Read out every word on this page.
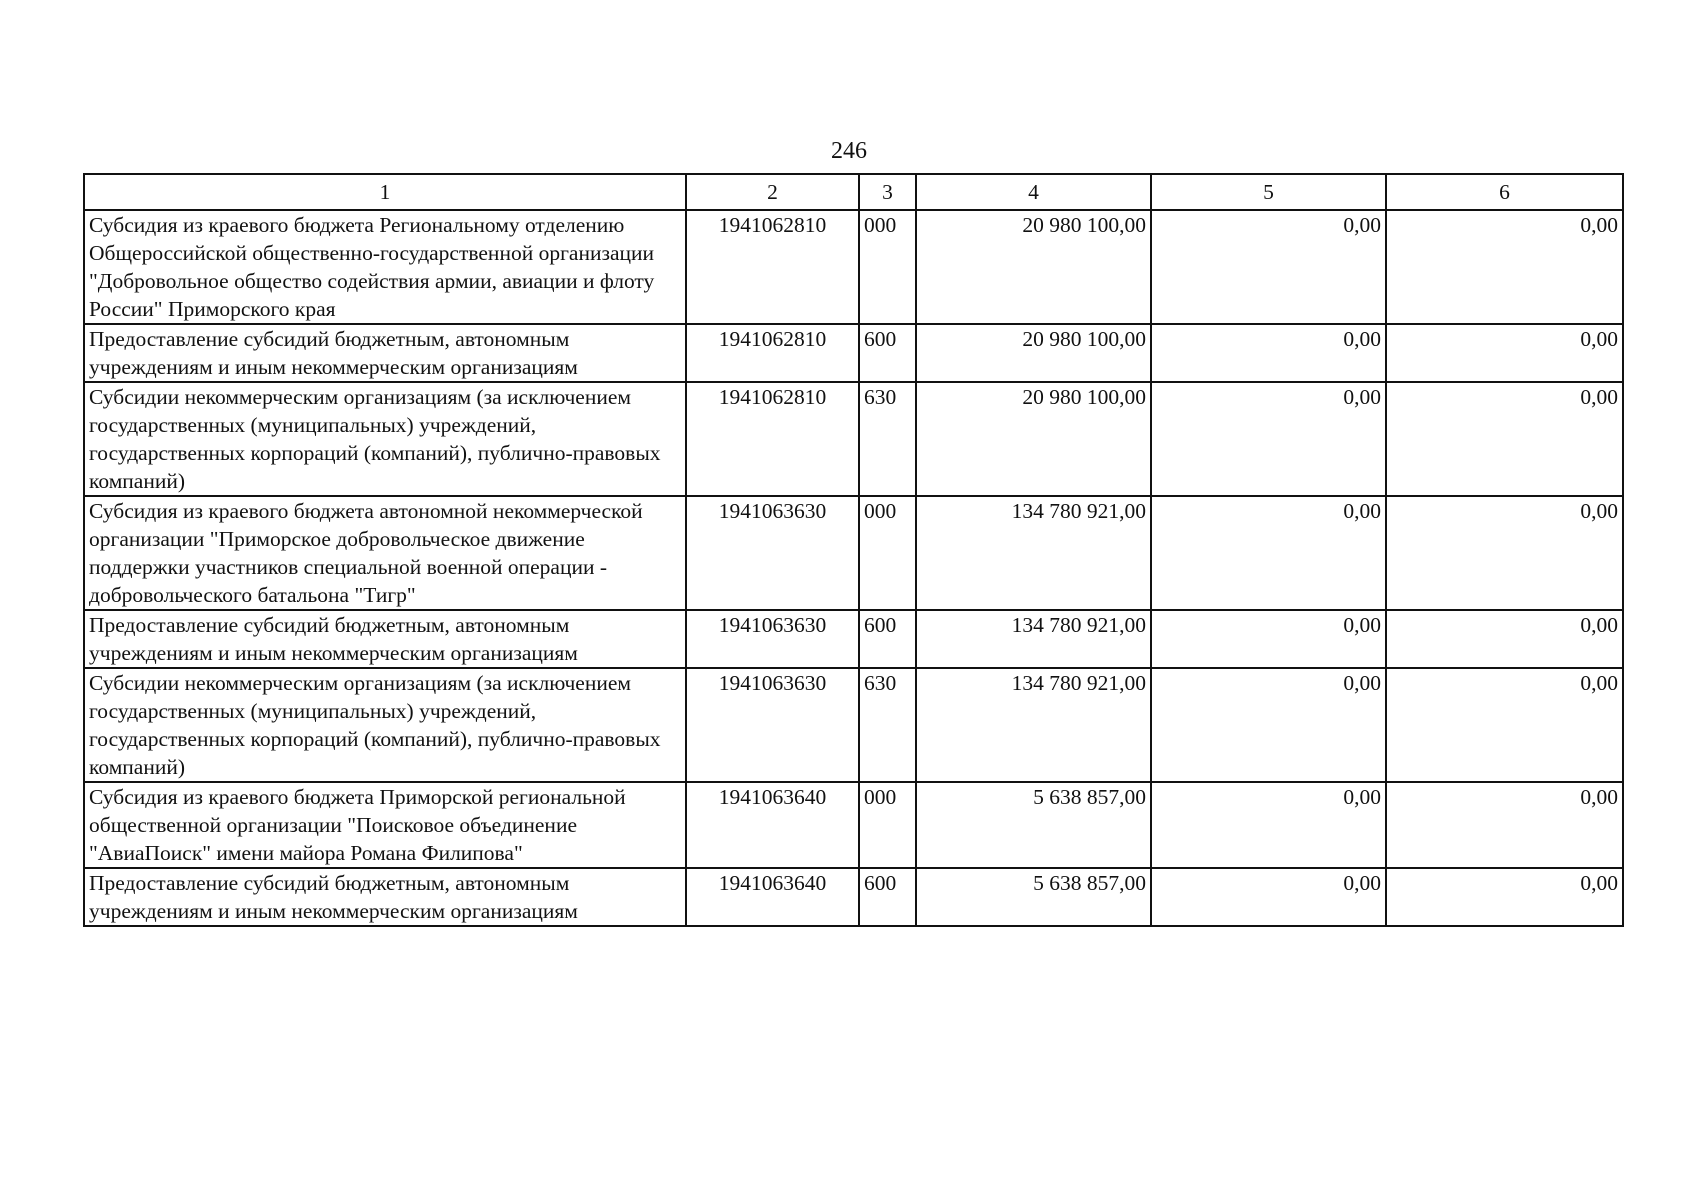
246
1	2	3	4	5	6
Субсидия из краевого бюджета Региональному отделению Общероссийской общественно-государственной организации "Добровольное общество содействия армии, авиации и флоту России" Приморского края	1941062810	000	20 980 100,00	0,00	0,00
Предоставление субсидий бюджетным, автономным учреждениям и иным некоммерческим организациям	1941062810	600	20 980 100,00	0,00	0,00
Субсидии некоммерческим организациям (за исключением государственных (муниципальных) учреждений, государственных корпораций (компаний), публично-правовых компаний)	1941062810	630	20 980 100,00	0,00	0,00
Субсидия из краевого бюджета автономной некоммерческой организации "Приморское добровольческое движение поддержки участников специальной военной операции - добровольческого батальона "Тигр"	1941063630	000	134 780 921,00	0,00	0,00
Предоставление субсидий бюджетным, автономным учреждениям и иным некоммерческим организациям	1941063630	600	134 780 921,00	0,00	0,00
Субсидии некоммерческим организациям (за исключением государственных (муниципальных) учреждений, государственных корпораций (компаний), публично-правовых компаний)	1941063630	630	134 780 921,00	0,00	0,00
Субсидия из краевого бюджета Приморской региональной общественной организации "Поисковое объединение "АвиаПоиск" имени майора Романа Филипова"	1941063640	000	5 638 857,00	0,00	0,00
Предоставление субсидий бюджетным, автономным учреждениям и иным некоммерческим организациям	1941063640	600	5 638 857,00	0,00	0,00
